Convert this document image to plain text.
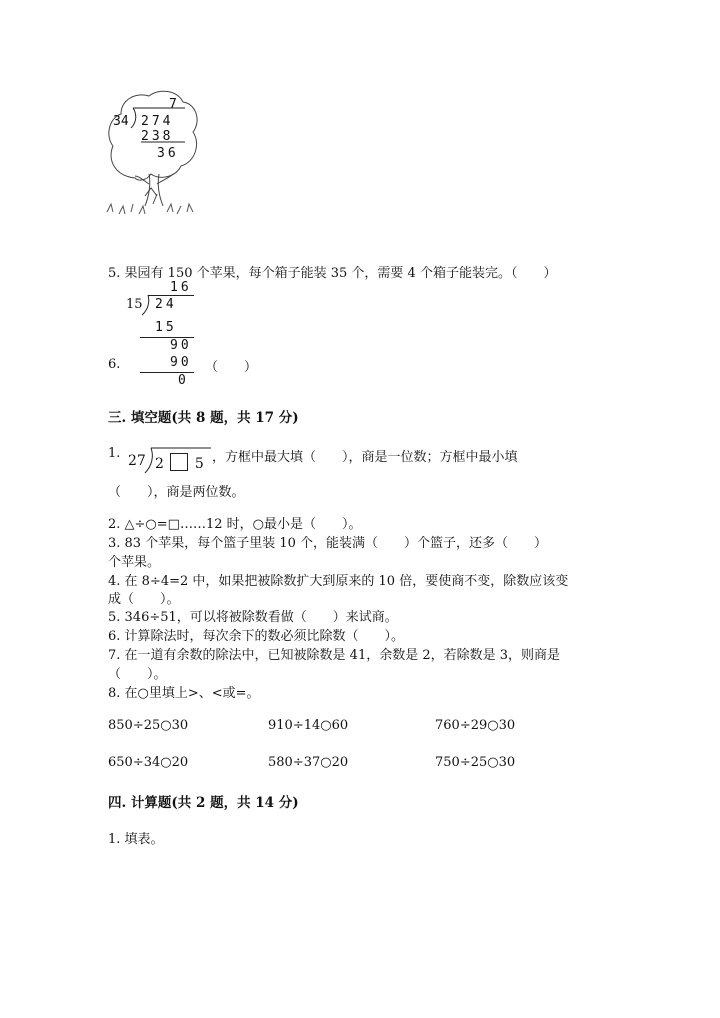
7
34 274
238
36
5. 果园有 150 个苹果，每个箱子能装 35 个，需要 4 个箱子能装完。（　　）
16
15 24
15
90
6.	90 （　　）
0
三. 填空题(共 8 题，共 17 分)
1. 27 2 5 ，方框中最大填（　　），商是一位数；方框中最小填
（　　），商是两位数。
2. △÷○=□……12 时，○最小是（　　）。
3. 83 个苹果，每个篮子里装 10 个，能装满（　　）个篮子，还多（　　）
个苹果。
4. 在 8÷4=2 中，如果把被除数扩大到原来的 10 倍，要使商不变，除数应该变
成（　　）。
5. 346÷51，可以将被除数看做（　　）来试商。
6. 计算除法时，每次余下的数必须比除数（　　）。
7. 在一道有余数的除法中，已知被除数是 41，余数是 2，若除数是 3，则商是
（　　）。
8. 在○里填上>、<或=。
850÷25○30	910÷14○60	760÷29○30
650÷34○20	580÷37○20	750÷25○30
四. 计算题(共 2 题，共 14 分)
1. 填表。
